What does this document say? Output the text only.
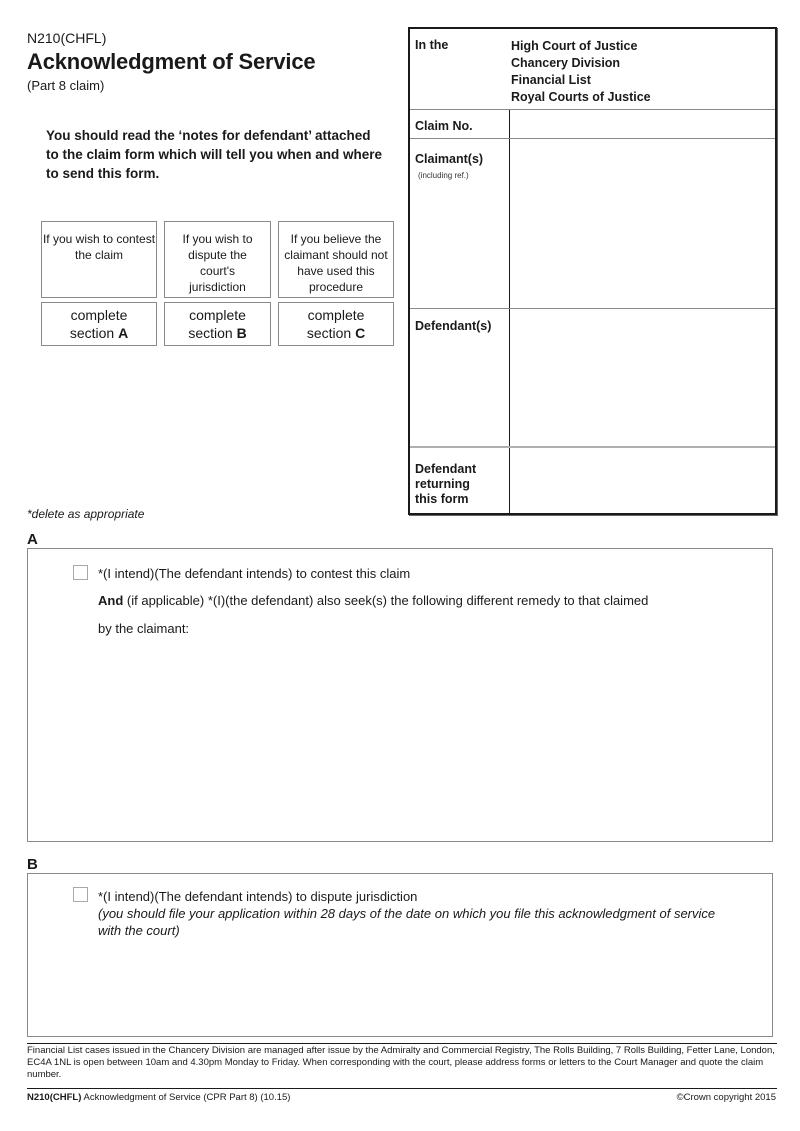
N210(CHFL)
Acknowledgment of Service
(Part 8 claim)
You should read the ‘notes for defendant’ attached to the claim form which will tell you when and where to send this form.
If you wish to contest the claim
If you wish to dispute the court's jurisdiction
If you believe the claimant should not have used this procedure
complete
section A
complete
section B
complete
section C
In the	High Court of Justice
Chancery Division
Financial List
Royal Courts of Justice
Claim No.
Claimant(s)
(including ref.)
Defendant(s)
Defendant
returning
this form
*delete as appropriate
A
*(I intend)(The defendant intends) to contest this claim
And (if applicable) *(I)(the defendant) also seek(s) the following different remedy to that claimed
by the claimant:
B
*(I intend)(The defendant intends) to dispute jurisdiction
(you should file your application within 28 days of the date on which you file this acknowledgment of service with the court)
Financial List cases issued in the Chancery Division are managed after issue by the Admiralty and Commercial Registry, The Rolls Building, 7 Rolls Building, Fetter Lane, London, EC4A 1NL is open between 10am and 4.30pm Monday to Friday. When corresponding with the court, please address forms or letters to the Court Manager and quote the claim number.
N210(CHFL) Acknowledgment of Service (CPR Part 8) (10.15)	©Crown copyright 2015
